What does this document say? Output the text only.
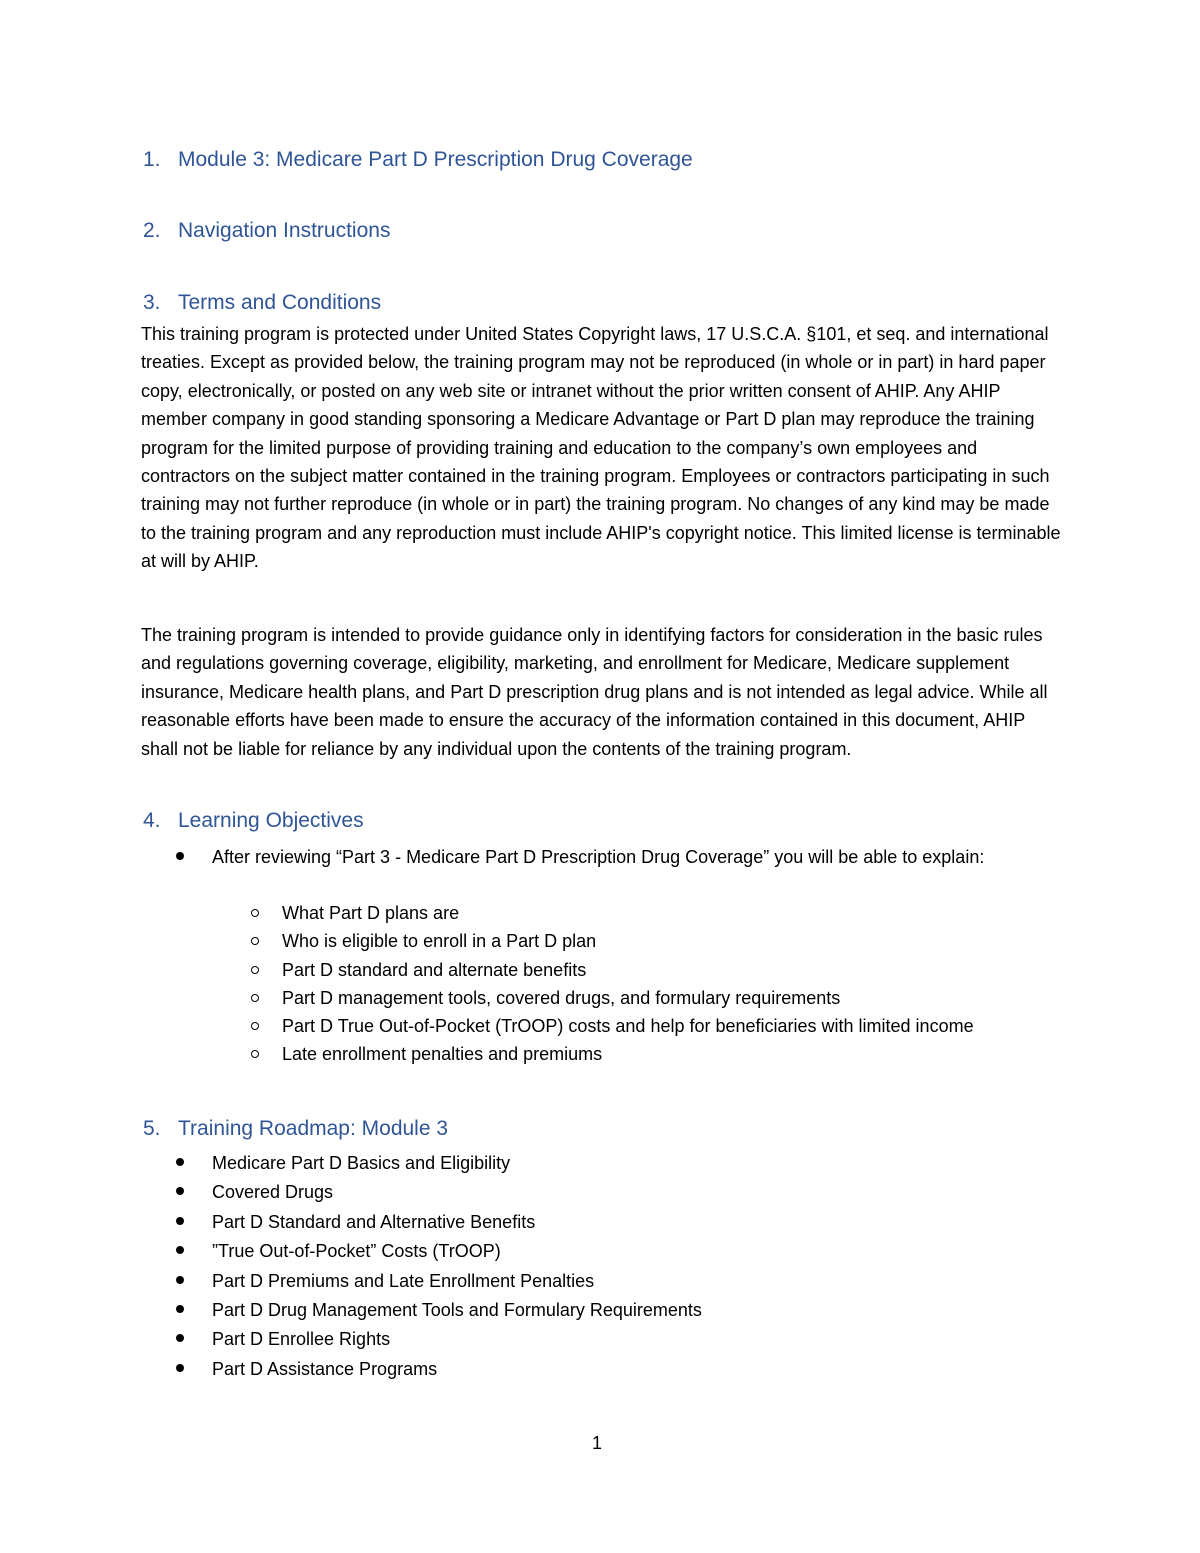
1. Module 3: Medicare Part D Prescription Drug Coverage
2. Navigation Instructions
3. Terms and Conditions

This training program is protected under United States Copyright laws, 17 U.S.C.A. §101, et seq. and international treaties. Except as provided below, the training program may not be reproduced (in whole or in part) in hard paper copy, electronically, or posted on any web site or intranet without the prior written consent of AHIP. Any AHIP member company in good standing sponsoring a Medicare Advantage or Part D plan may reproduce the training program for the limited purpose of providing training and education to the company’s own employees and contractors on the subject matter contained in the training program. Employees or contractors participating in such training may not further reproduce (in whole or in part) the training program. No changes of any kind may be made to the training program and any reproduction must include AHIP's copyright notice. This limited license is terminable at will by AHIP.

The training program is intended to provide guidance only in identifying factors for consideration in the basic rules and regulations governing coverage, eligibility, marketing, and enrollment for Medicare, Medicare supplement insurance, Medicare health plans, and Part D prescription drug plans and is not intended as legal advice. While all reasonable efforts have been made to ensure the accuracy of the information contained in this document, AHIP shall not be liable for reliance by any individual upon the contents of the training program.

4. Learning Objectives
After reviewing “Part 3 - Medicare Part D Prescription Drug Coverage” you will be able to explain:
What Part D plans are
Who is eligible to enroll in a Part D plan
Part D standard and alternate benefits
Part D management tools, covered drugs, and formulary requirements
Part D True Out-of-Pocket (TrOOP) costs and help for beneficiaries with limited income
Late enrollment penalties and premiums
5. Training Roadmap: Module 3
Medicare Part D Basics and Eligibility
Covered Drugs
Part D Standard and Alternative Benefits
”True Out-of-Pocket” Costs (TrOOP)
Part D Premiums and Late Enrollment Penalties
Part D Drug Management Tools and Formulary Requirements
Part D Enrollee Rights
Part D Assistance Programs
1
